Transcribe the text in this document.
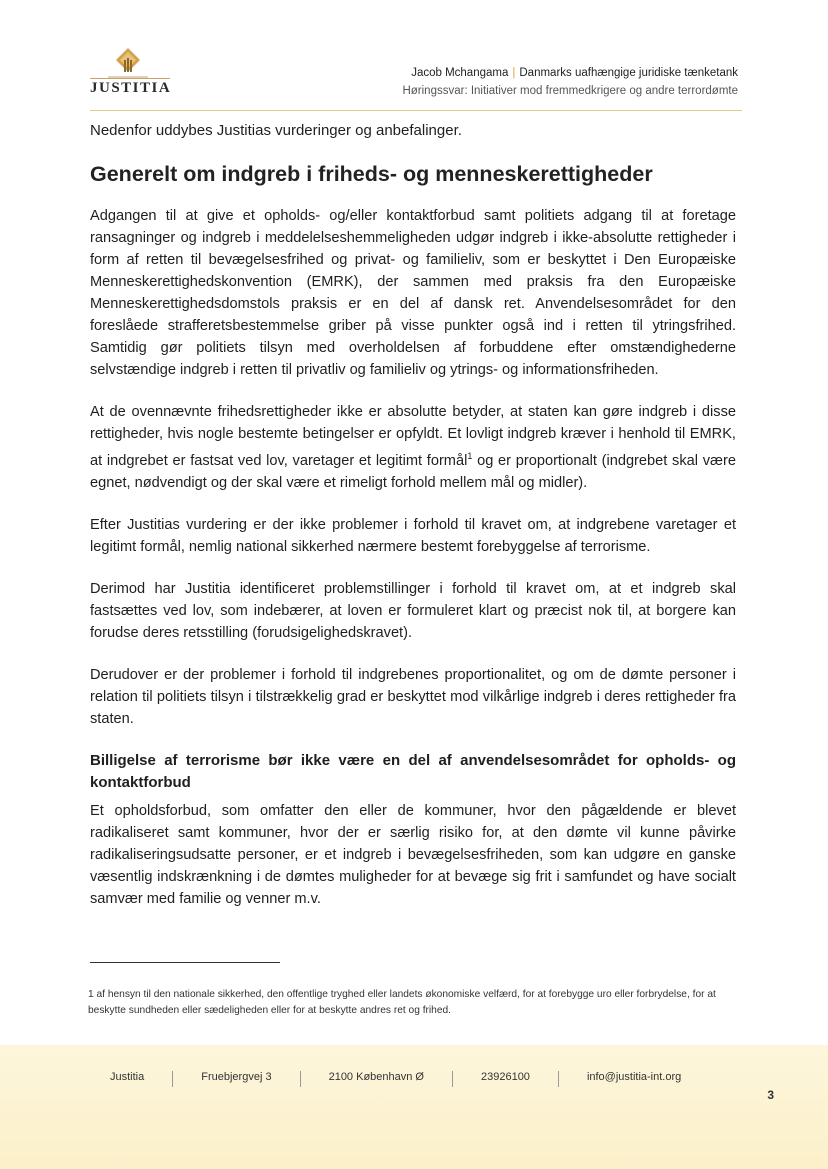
JUSTITIA
Jacob Mchangama | Danmarks uafhængige juridiske tænketank
Høringssvar: Initiativer mod fremmedkrigere og andre terrordømte

Nedenfor uddybes Justitias vurderinger og anbefalinger.

Generelt om indgreb i friheds- og menneskerettigheder

Adgangen til at give et opholds- og/eller kontaktforbud samt politiets adgang til at foretage ransagninger og indgreb i meddelelseshemmeligheden udgør indgreb i ikke-absolutte rettigheder i form af retten til bevægelsesfrihed og privat- og familieliv, som er beskyttet i Den Europæiske Menneskerettighedskonvention (EMRK), der sammen med praksis fra den Europæiske Menneskerettighedsdomstols praksis er en del af dansk ret. Anvendelsesområdet for den foreslåede strafferetsbestemmelse griber på visse punkter også ind i retten til ytringsfrihed. Samtidig gør politiets tilsyn med overholdelsen af forbuddene efter omstændighederne selvstændige indgreb i retten til privatliv og familieliv og ytrings- og informationsfriheden.

At de ovennævnte frihedsrettigheder ikke er absolutte betyder, at staten kan gøre indgreb i disse rettigheder, hvis nogle bestemte betingelser er opfyldt. Et lovligt indgreb kræver i henhold til EMRK, at indgrebet er fastsat ved lov, varetager et legitimt formål$^1$ og er proportionalt (indgrebet skal være egnet, nødvendigt og der skal være et rimeligt forhold mellem mål og midler).

Efter Justitias vurdering er der ikke problemer i forhold til kravet om, at indgrebene varetager et legitimt formål, nemlig national sikkerhed nærmere bestemt forebyggelse af terrorisme.

Derimod har Justitia identificeret problemstillinger i forhold til kravet om, at et indgreb skal fastsættes ved lov, som indebærer, at loven er formuleret klart og præcist nok til, at borgere kan forudse deres retsstilling (forudsigelighedskravet).

Derudover er der problemer i forhold til indgrebenes proportionalitet, og om de dømte personer i relation til politiets tilsyn i tilstrækkelig grad er beskyttet mod vilkårlige indgreb i deres rettigheder fra staten.

Billigelse af terrorisme bør ikke være en del af anvendelsesområdet for opholds- og kontaktforbud

Et opholdsforbud, som omfatter den eller de kommuner, hvor den pågældende er blevet radikaliseret samt kommuner, hvor der er særlig risiko for, at den dømte vil kunne påvirke radikaliseringsudsatte personer, er et indgreb i bevægelsesfriheden, som kan udgøre en ganske væsentlig indskrænkning i de dømtes muligheder for at bevæge sig frit i samfundet og have socialt samvær med familie og venner m.v.

1 af hensyn til den nationale sikkerhed, den offentlige tryghed eller landets økonomiske velfærd, for at forebygge uro eller forbrydelse, for at beskytte sundheden eller sædeligheden eller for at beskytte andres ret og frihed.
Justitia	Fruebjergvej 3	2100 København Ø	23926100	info@justitia-int.org
3
